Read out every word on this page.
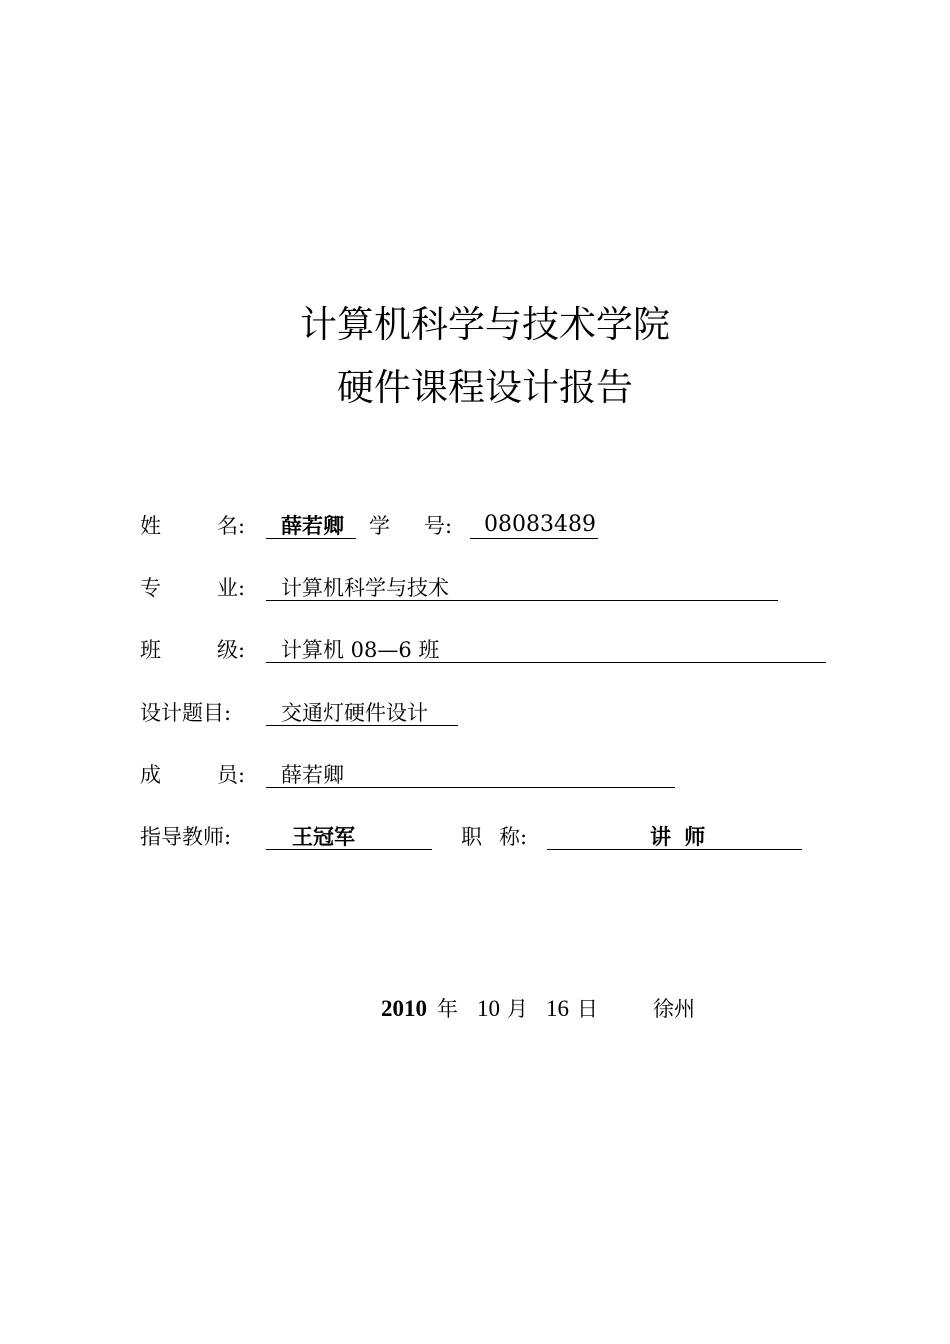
计算机科学与技术学院
硬件课程设计报告
姓	名: 薛若卿 学 号: 08083489
专	业: 计算机科学与技术
班	级: 计算机 08—6 班
设计题目: 交通灯硬件设计
成	员: 薛若卿
指导教师:	王冠军	职 称:	讲 师
2010 年 10 月 16 日	徐州
